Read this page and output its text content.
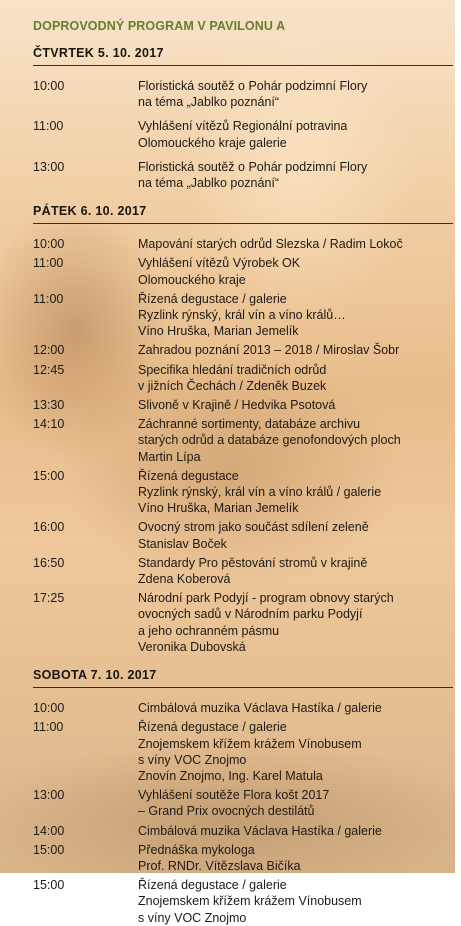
DOPROVODNÝ PROGRAM V PAVILONU A
ČTVRTEK 5. 10. 2017
10:00	Floristická soutěž o Pohár podzimní Flory
na téma „Jablko poznání“
11:00	Vyhlášení vítězů Regionální potravina
Olomouckého kraje galerie
13:00	Floristická soutěž o Pohár podzimní Flory
na téma „Jablko poznání“
PÁTEK 6. 10. 2017
10:00	Mapování starých odrůd Slezska / Radim Lokoč
11:00	Vyhlášení vítězů Výrobek OK
Olomouckého kraje
11:00	Řízená degustace / galerie
Ryzlink rýnský, král vín a víno králů…
Víno Hruška, Marian Jemelík
12:00	Zahradou poznání 2013 – 2018 / Miroslav Šobr
12:45	Specifika hledání tradičních odrůd
v jižních Čechách / Zdeněk Buzek
13:30	Slivoně v Krajině / Hedvika Psotová
14:10	Záchranné sortimenty, databáze archivu
starých odrůd a databáze genofondových ploch
Martin Lípa
15:00	Řízená degustace
Ryzlink rýnský, král vín a víno králů / galerie
Víno Hruška, Marian Jemelík
16:00	Ovocný strom jako součást sdílení zeleně
Stanislav Boček
16:50	Standardy Pro pěstování stromů v krajině
Zdena Koberová
17:25	Národní park Podyjí - program obnovy starých
ovocných sadů v Národním parku Podyjí
a jeho ochranném pásmu
Veronika Dubovská
SOBOTA 7. 10. 2017
10:00	Cimbálová muzika Václava Hastíka / galerie
11:00	Řízená degustace / galerie
Znojemskem křížem krážem Vínobusem
s víny VOC Znojmo
Znovín Znojmo, Ing. Karel Matula
13:00	Vyhlášení soutěže Flora košt 2017
– Grand Prix ovocných destilátů
14:00	Cimbálová muzika Václava Hastíka / galerie
15:00	Přednáška mykologa
Prof. RNDr. Vítězslava Bičíka
15:00	Řízená degustace / galerie
Znojemskem křížem krážem Vínobusem
s víny VOC Znojmo
